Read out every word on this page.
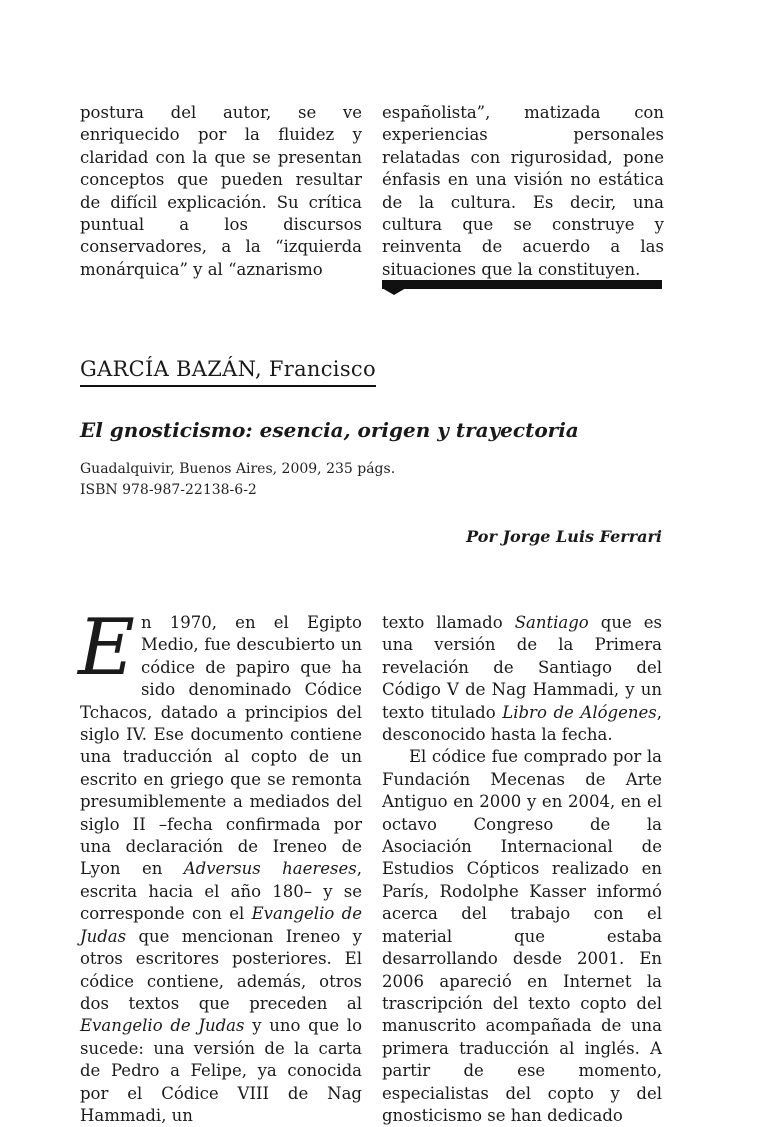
postura del autor, se ve enriquecido por la fluidez y claridad con la que se presentan conceptos que pueden resultar de difícil explicación. Su crítica puntual a los discursos conservadores, a la “izquierda monárquica” y al “aznarismo

españolista”, matizada con experiencias personales relatadas con rigurosidad, pone énfasis en una visión no estática de la cultura. Es decir, una cultura que se construye y reinventa de acuerdo a las situaciones que la constituyen.

GARCÍA BAZÁN, Francisco
El gnosticismo: esencia, origen y trayectoria
Guadalquivir, Buenos Aires, 2009, 235 págs.
ISBN 978-987-22138-6-2
Por Jorge Luis Ferrari

En 1970, en el Egipto Medio, fue descubierto un códice de papiro que ha sido denominado Códice Tchacos, datado a principios del siglo IV. Ese documento contiene una traducción al copto de un escrito en griego que se remonta presumiblemente a mediados del siglo II –fecha confirmada por una declaración de Ireneo de Lyon en Adversus haereses, escrita hacia el año 180– y se corresponde con el Evangelio de Judas que mencionan Ireneo y otros escritores posteriores. El códice contiene, además, otros dos textos que preceden al Evangelio de Judas y uno que lo sucede: una versión de la carta de Pedro a Felipe, ya conocida por el Códice VIII de Nag Hammadi, un

texto llamado Santiago que es una versión de la Primera revelación de Santiago del Código V de Nag Hammadi, y un texto titulado Libro de Alógenes, desconocido hasta la fecha.

El códice fue comprado por la Fundación Mecenas de Arte Antiguo en 2000 y en 2004, en el octavo Congreso de la Asociación Internacional de Estudios Cópticos realizado en París, Rodolphe Kasser informó acerca del trabajo con el material que estaba desarrollando desde 2001. En 2006 apareció en Internet la trascripción del texto copto del manuscrito acompañada de una primera traducción al inglés. A partir de ese momento, especialistas del copto y del gnosticismo se han dedicado
